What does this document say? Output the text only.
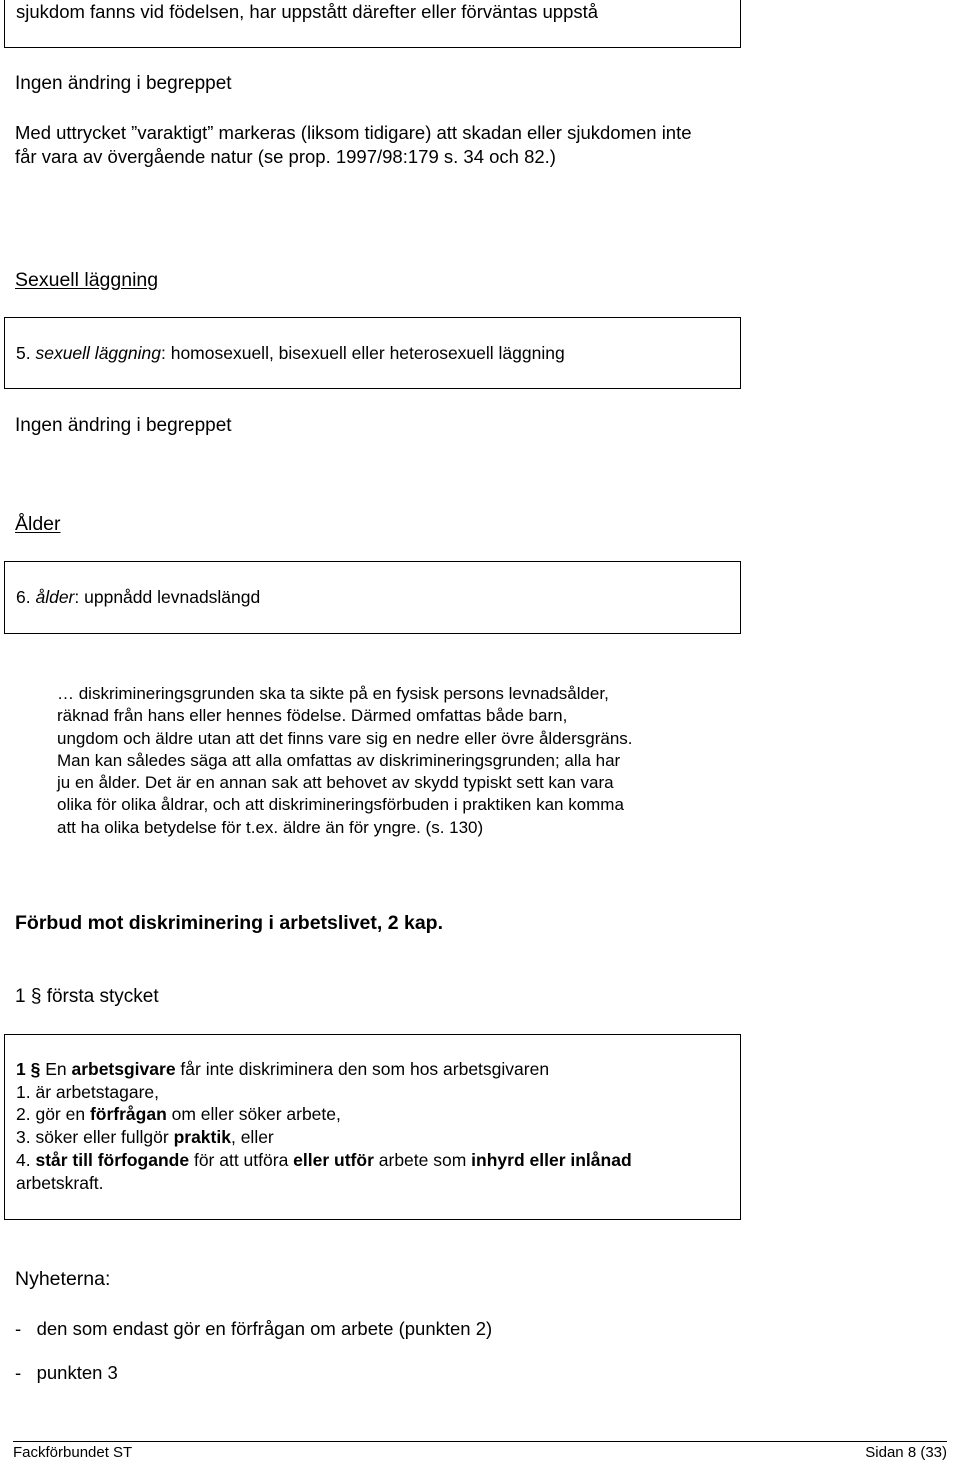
sjukdom fanns vid födelsen, har uppstått därefter eller förväntas uppstå
Ingen ändring i begreppet
Med uttrycket ”varaktigt” markeras (liksom tidigare) att skadan eller sjukdomen inte
får vara av övergående natur (se prop. 1997/98:179 s. 34 och 82.)
Sexuell läggning
5. sexuell läggning: homosexuell, bisexuell eller heterosexuell läggning
Ingen ändring i begreppet
Ålder
6. ålder: uppnådd levnadslängd
… diskrimineringsgrunden ska ta sikte på en fysisk persons levnadsålder,
räknad från hans eller hennes födelse. Därmed omfattas både barn,
ungdom och äldre utan att det finns vare sig en nedre eller övre åldersgräns.
Man kan således säga att alla omfattas av diskrimineringsgrunden; alla har
ju en ålder. Det är en annan sak att behovet av skydd typiskt sett kan vara
olika för olika åldrar, och att diskrimineringsförbuden i praktiken kan komma
att ha olika betydelse för t.ex. äldre än för yngre. (s. 130)
Förbud mot diskriminering i arbetslivet, 2 kap.
1 § första stycket
1 § En arbetsgivare får inte diskriminera den som hos arbetsgivaren
1. är arbetstagare,
2. gör en förfrågan om eller söker arbete,
3. söker eller fullgör praktik, eller
4. står till förfogande för att utföra eller utför arbete som inhyrd eller inlånad
arbetskraft.
Nyheterna:
-   den som endast gör en förfrågan om arbete (punkten 2)
-   punkten 3
Fackförbundet ST	Sidan 8 (33)
